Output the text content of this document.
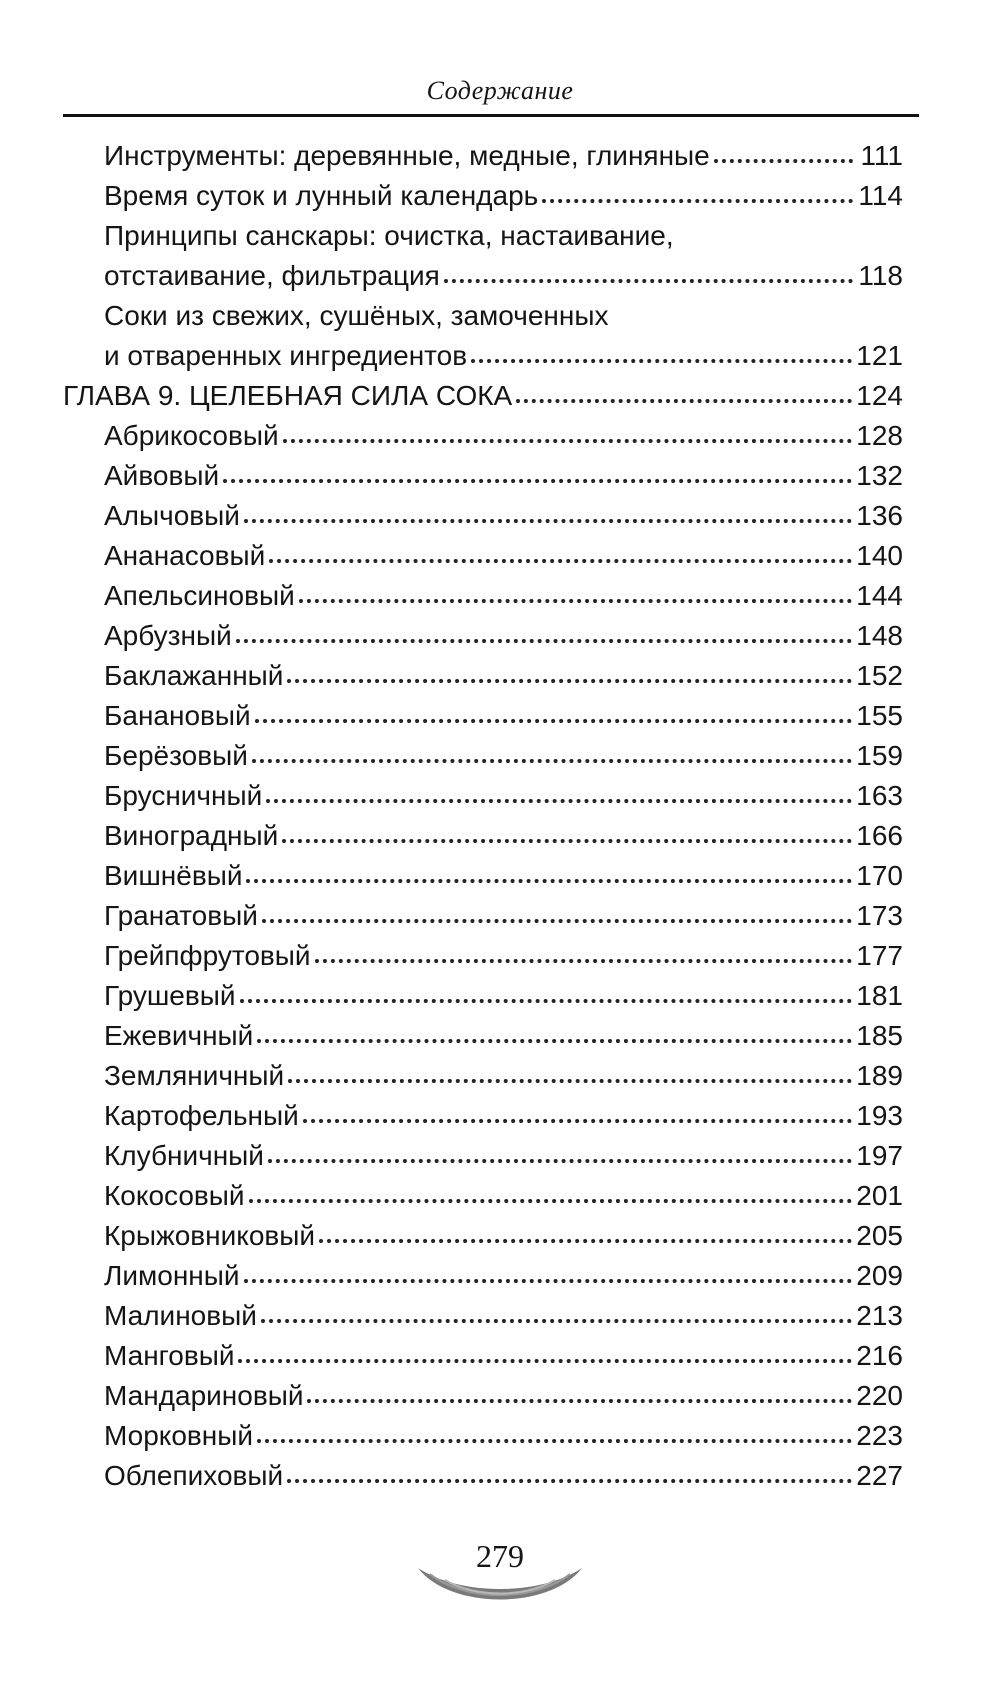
Содержание
Инструменты: деревянные, медные, глиняные	111
Время суток и лунный календарь	114
Принципы санскары: очистка, настаивание,
отстаивание, фильтрация	118
Соки из свежих, сушёных, замоченных
и отваренных ингредиентов	121
ГЛАВА 9. ЦЕЛЕБНАЯ СИЛА СОКА	124
Абрикосовый	128
Айвовый	132
Алычовый	136
Ананасовый	140
Апельсиновый	144
Арбузный	148
Баклажанный	152
Банановый	155
Берёзовый	159
Брусничный	163
Виноградный	166
Вишнёвый	170
Гранатовый	173
Грейпфрутовый	177
Грушевый	181
Ежевичный	185
Земляничный	189
Картофельный	193
Клубничный	197
Кокосовый	201
Крыжовниковый	205
Лимонный	209
Малиновый	213
Манговый	216
Мандариновый	220
Морковный	223
Облепиховый	227
279
